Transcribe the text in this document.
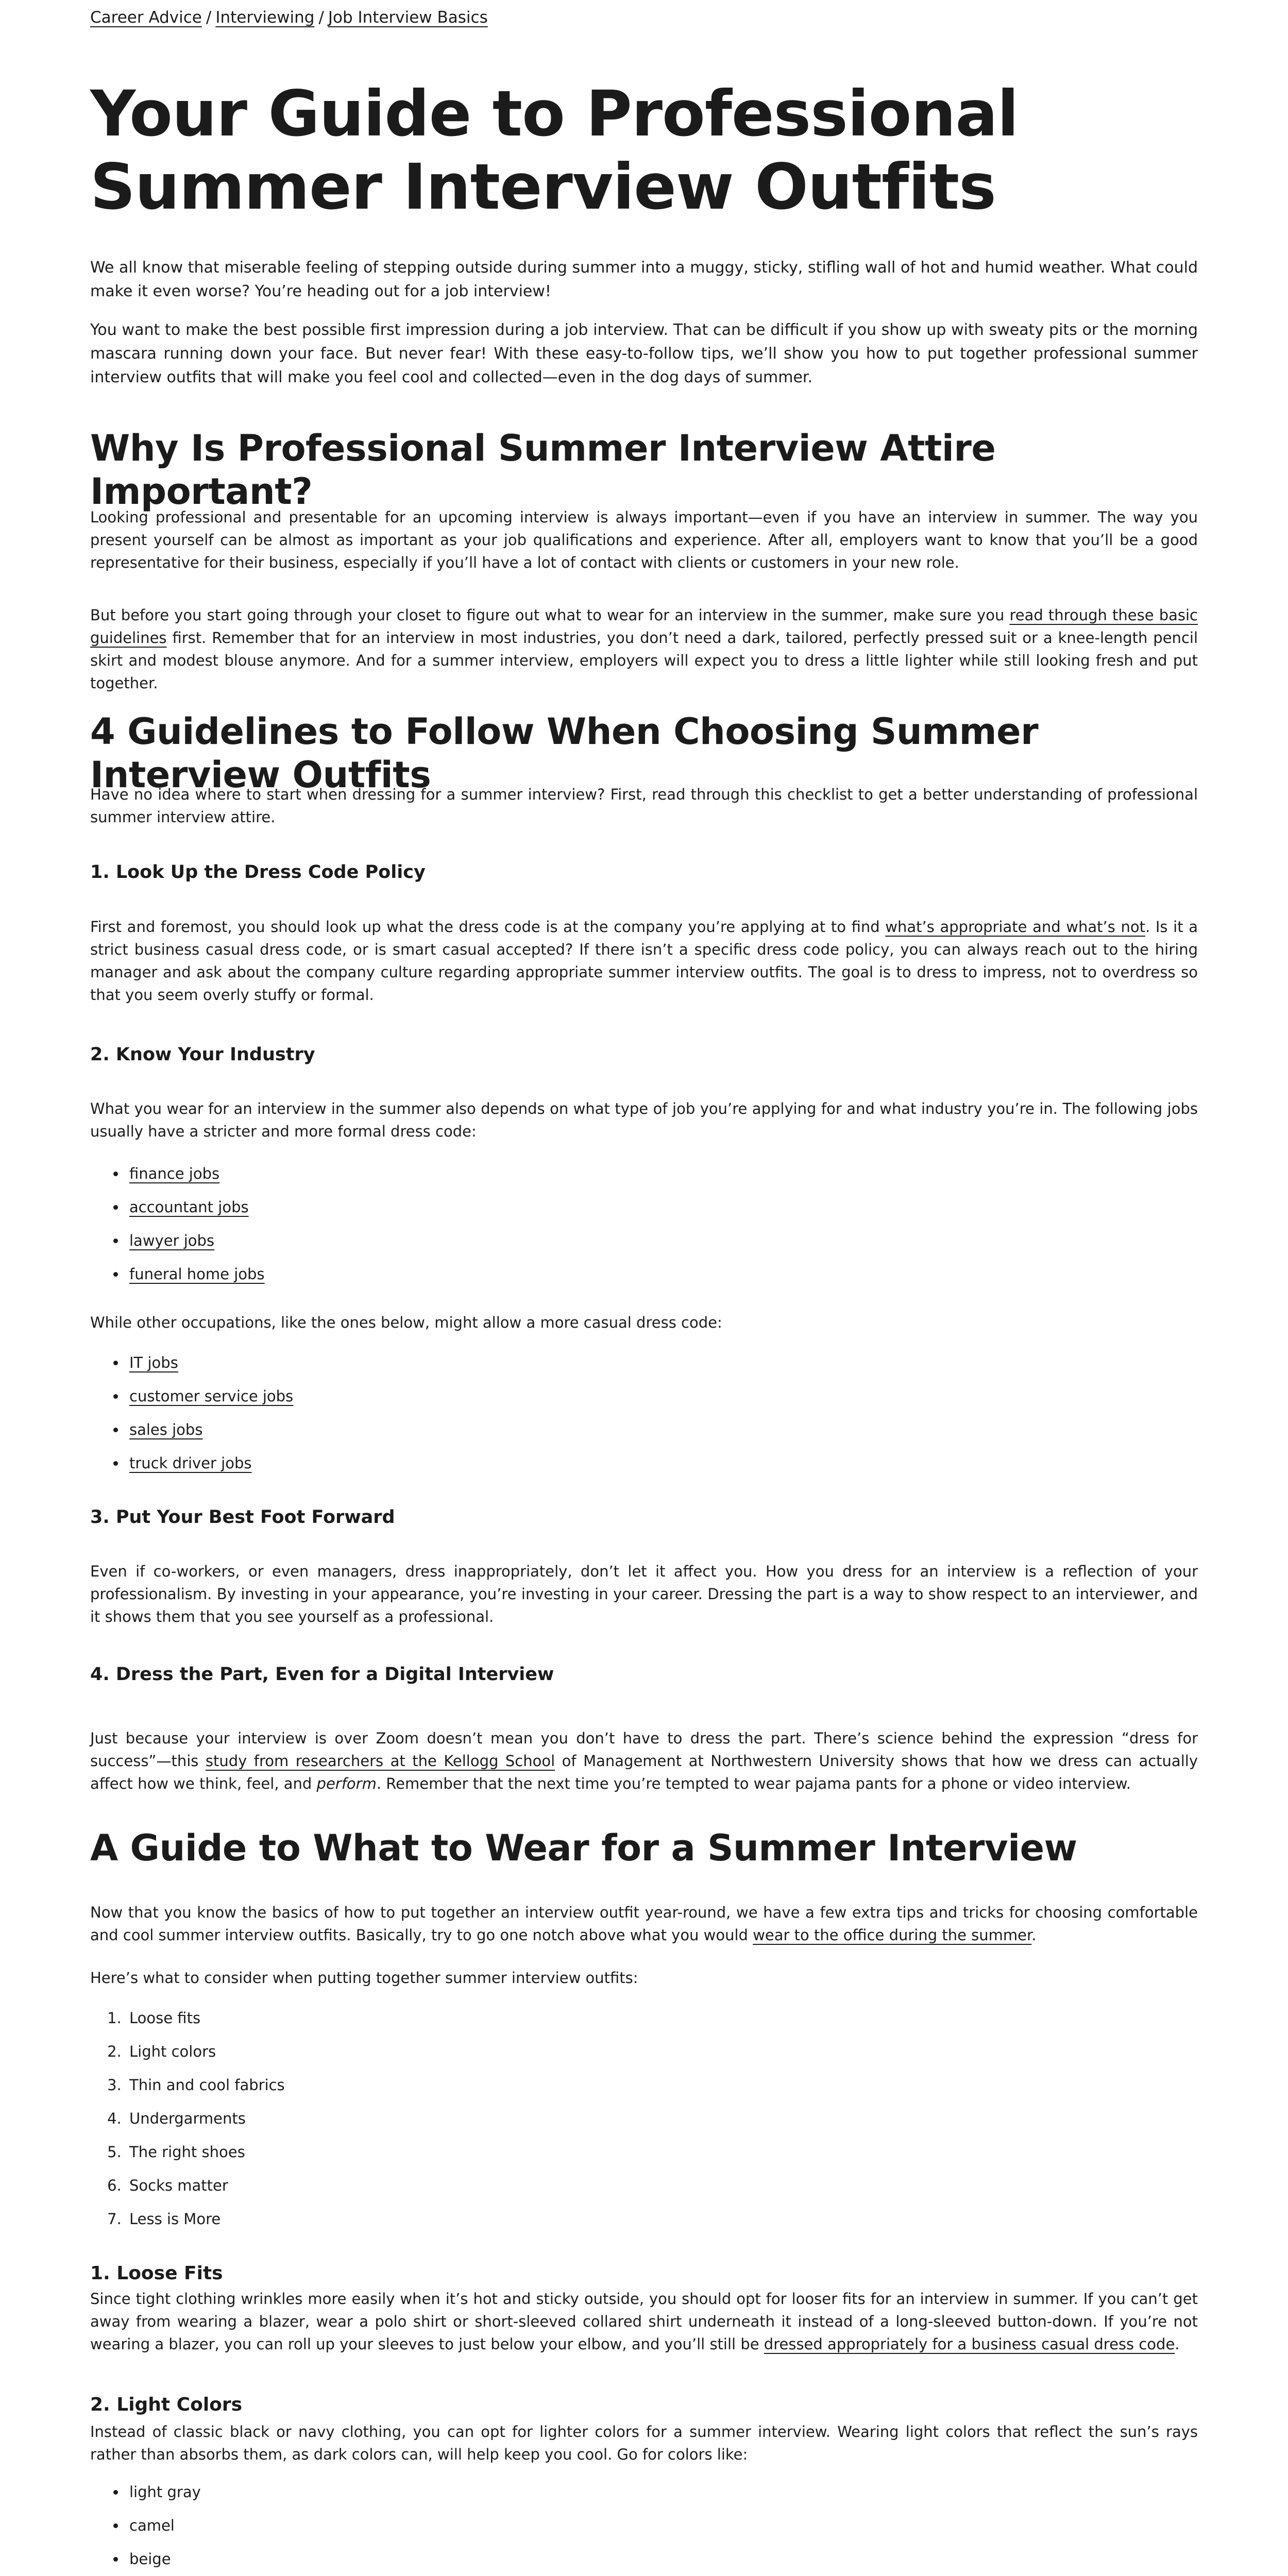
Career Advice / Interviewing / Job Interview Basics
Your Guide to Professional Summer Interview Outfits

We all know that miserable feeling of stepping outside during summer into a muggy, sticky, stifling wall of hot and humid weather. What could make it even worse? You’re heading out for a job interview!

You want to make the best possible first impression during a job interview. That can be difficult if you show up with sweaty pits or the morning mascara running down your face. But never fear! With these easy-to-follow tips, we’ll show you how to put together professional summer interview outfits that will make you feel cool and collected—even in the dog days of summer.

Why Is Professional Summer Interview Attire Important?

Looking professional and presentable for an upcoming interview is always important—even if you have an interview in summer. The way you present yourself can be almost as important as your job qualifications and experience. After all, employers want to know that you’ll be a good representative for their business, especially if you’ll have a lot of contact with clients or customers in your new role.

But before you start going through your closet to figure out what to wear for an interview in the summer, make sure you read through these basic guidelines first. Remember that for an interview in most industries, you don’t need a dark, tailored, perfectly pressed suit or a knee-length pencil skirt and modest blouse anymore. And for a summer interview, employers will expect you to dress a little lighter while still looking fresh and put together.

4 Guidelines to Follow When Choosing Summer Interview Outfits

Have no idea where to start when dressing for a summer interview? First, read through this checklist to get a better understanding of professional summer interview attire.

1. Look Up the Dress Code Policy

First and foremost, you should look up what the dress code is at the company you’re applying at to find what’s appropriate and what’s not. Is it a strict business casual dress code, or is smart casual accepted? If there isn’t a specific dress code policy, you can always reach out to the hiring manager and ask about the company culture regarding appropriate summer interview outfits. The goal is to dress to impress, not to overdress so that you seem overly stuffy or formal.

2. Know Your Industry

What you wear for an interview in the summer also depends on what type of job you’re applying for and what industry you’re in. The following jobs usually have a stricter and more formal dress code:

• finance jobs
• accountant jobs
• lawyer jobs
• funeral home jobs

While other occupations, like the ones below, might allow a more casual dress code:

• IT jobs
• customer service jobs
• sales jobs
• truck driver jobs
3. Put Your Best Foot Forward

Even if co-workers, or even managers, dress inappropriately, don’t let it affect you. How you dress for an interview is a reflection of your professionalism. By investing in your appearance, you’re investing in your career. Dressing the part is a way to show respect to an interviewer, and it shows them that you see yourself as a professional.

4. Dress the Part, Even for a Digital Interview

Just because your interview is over Zoom doesn’t mean you don’t have to dress the part. There’s science behind the expression “dress for success”—this study from researchers at the Kellogg School of Management at Northwestern University shows that how we dress can actually affect how we think, feel, and perform. Remember that the next time you’re tempted to wear pajama pants for a phone or video interview.

A Guide to What to Wear for a Summer Interview

Now that you know the basics of how to put together an interview outfit year-round, we have a few extra tips and tricks for choosing comfortable and cool summer interview outfits. Basically, try to go one notch above what you would wear to the office during the summer.

Here’s what to consider when putting together summer interview outfits:

1. Loose fits
2. Light colors
3. Thin and cool fabrics
4. Undergarments
5. The right shoes
6. Socks matter
7. Less is More
1. Loose Fits

Since tight clothing wrinkles more easily when it’s hot and sticky outside, you should opt for looser fits for an interview in summer. If you can’t get away from wearing a blazer, wear a polo shirt or short-sleeved collared shirt underneath it instead of a long-sleeved button-down. If you’re not wearing a blazer, you can roll up your sleeves to just below your elbow, and you’ll still be dressed appropriately for a business casual dress code.

2. Light Colors

Instead of classic black or navy clothing, you can opt for lighter colors for a summer interview. Wearing light colors that reflect the sun’s rays rather than absorbs them, as dark colors can, will help keep you cool. Go for colors like:

• light gray
• camel
• beige
